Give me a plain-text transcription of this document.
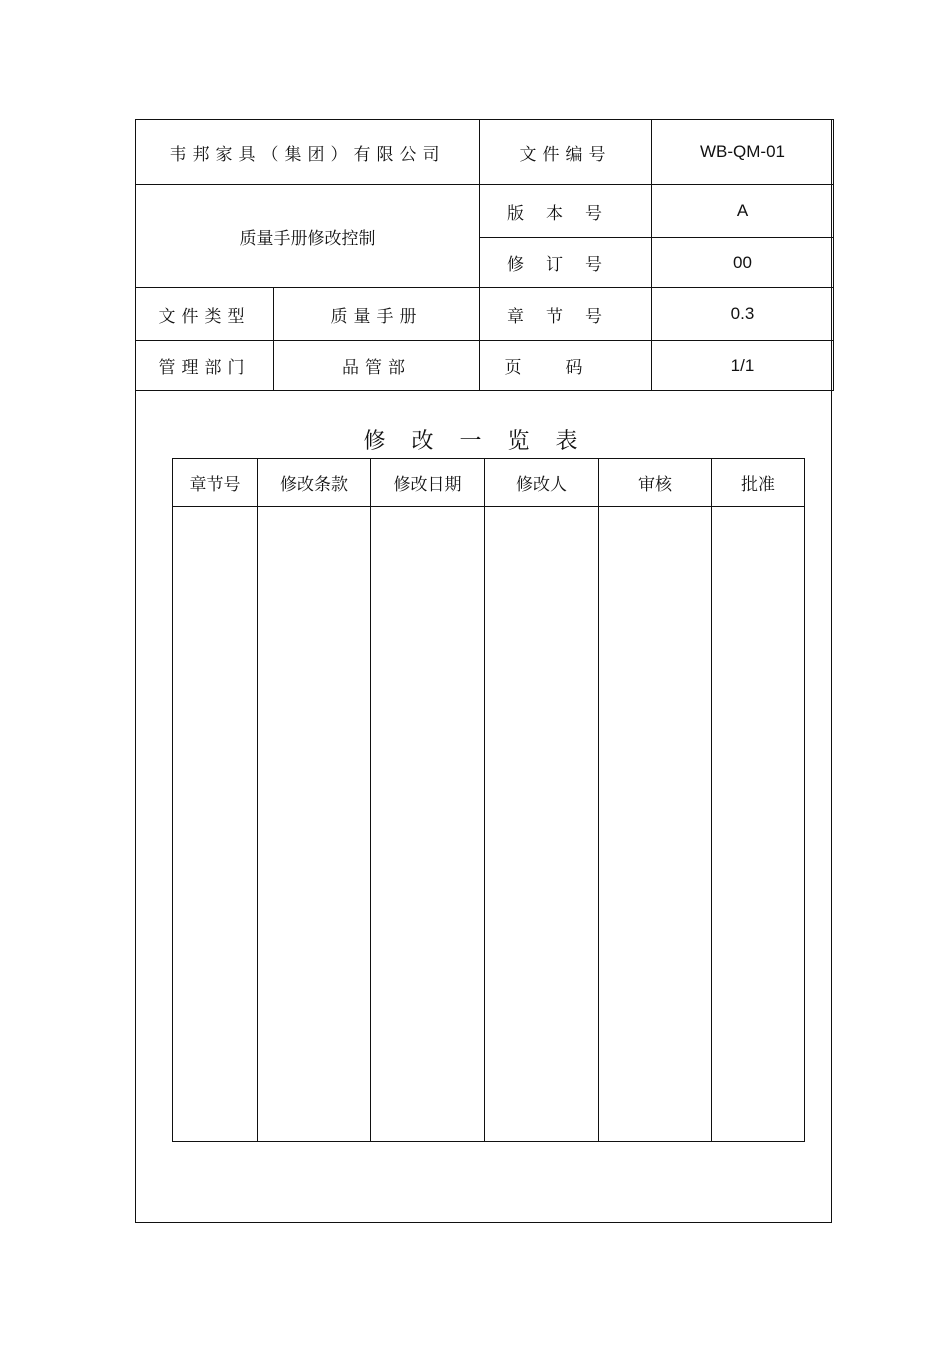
韦邦家具（集团）有限公司		文件编号	WB-QM-01
质量手册修改控制		版本号	A
		修订号	00
文件类型	质量手册	章节号	0.3
管理部门	品管部	页码	1/1
修改一览表
章节号	修改条款	修改日期	修改人	审核	批准
